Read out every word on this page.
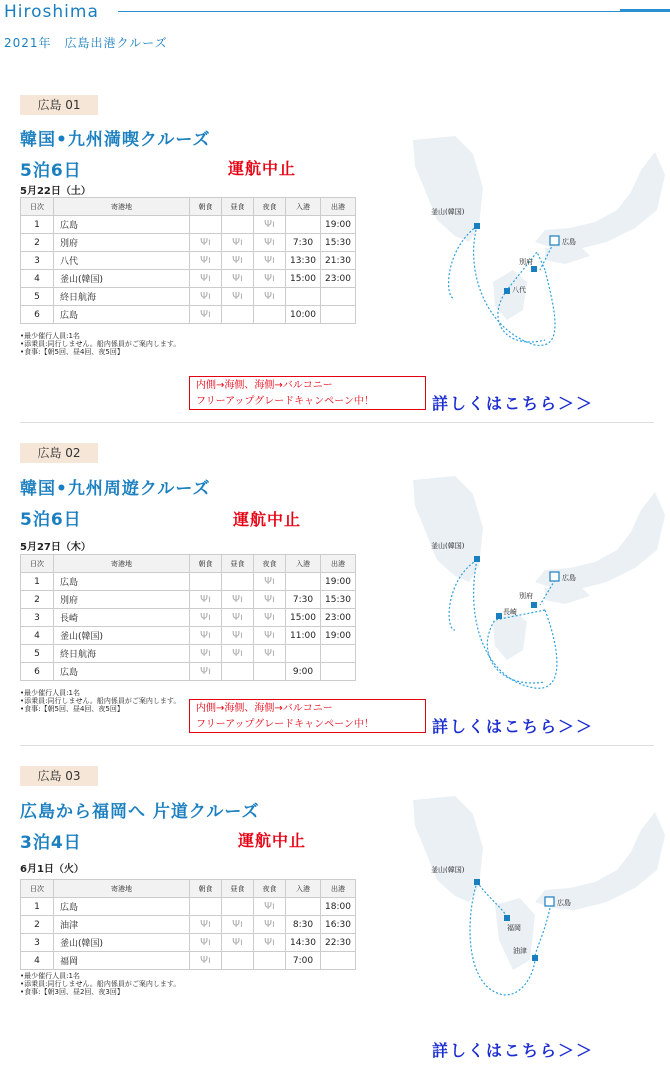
Hiroshima
2021年　広島出港クルーズ
広島 01
韓国•九州満喫クルーズ
5泊6日	運航中止
5月22日（土）
日次	寄港地	朝食	昼食	夜食	入港	出港
1	広島			Ψı		19:00
2	別府	Ψı	Ψı	Ψı	7:30	15:30
3	八代	Ψı	Ψı	Ψı	13:30	21:30
4	釜山(韓国)	Ψı	Ψı	Ψı	15:00	23:00
5	終日航海	Ψı	Ψı	Ψı		
6	広島	Ψı			10:00	
•最少催行人員:1名
•添乗員:同行しません。船内係員がご案内します。
•食事:【朝5回、昼4回、夜5回】
内側→海側、海側→バルコニー
フリーアップグレードキャンペーン中！	詳しくはこちら＞＞
釜山(韓国)
広島
別府
八代
広島 02
韓国•九州周遊クルーズ
5泊6日	運航中止
5月27日（木）
日次	寄港地	朝食	昼食	夜食	入港	出港
1	広島			Ψı		19:00
2	別府	Ψı	Ψı	Ψı	7:30	15:30
3	長崎	Ψı	Ψı	Ψı	15:00	23:00
4	釜山(韓国)	Ψı	Ψı	Ψı	11:00	19:00
5	終日航海	Ψı	Ψı	Ψı		
6	広島	Ψı			9:00	
•最少催行人員:1名
•添乗員:同行しません。船内係員がご案内します。
•食事:【朝5回、昼4回、夜5回】	内側→海側、海側→バルコニー
フリーアップグレードキャンペーン中！	詳しくはこちら＞＞
釜山(韓国)
広島
別府
長崎
広島 03
広島から福岡へ 片道クルーズ
3泊4日	運航中止
6月1日（火）
日次	寄港地	朝食	昼食	夜食	入港	出港
1	広島			Ψı		18:00
2	油津	Ψı	Ψı	Ψı	8:30	16:30
3	釜山(韓国)	Ψı	Ψı	Ψı	14:30	22:30
4	福岡	Ψı			7:00	
•最少催行人員:1名
•添乗員:同行しません。船内係員がご案内します。
•食事:【朝3回、昼2回、夜3回】
詳しくはこちら＞＞
釜山(韓国)
広島
福岡
油津
